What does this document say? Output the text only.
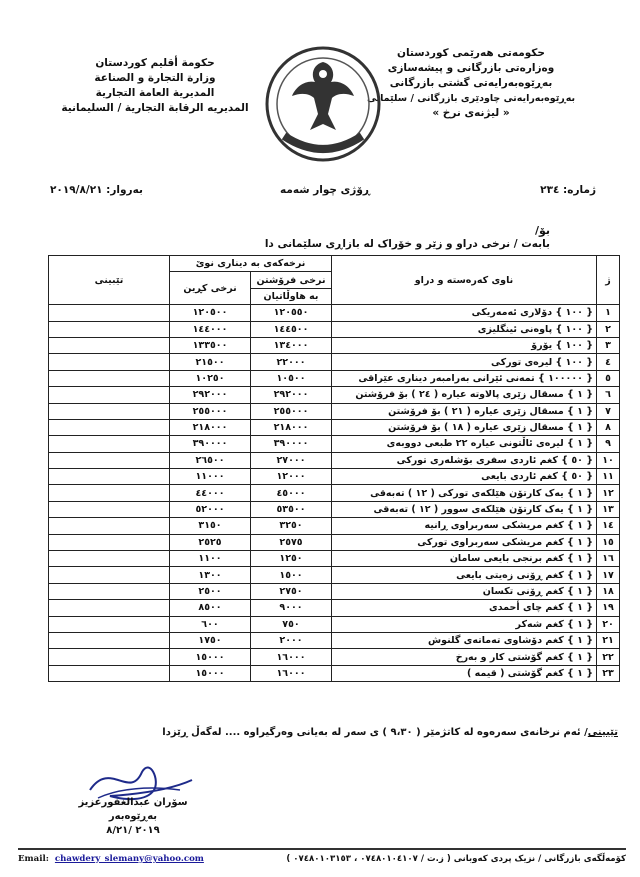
حکومەتی هەرێمی کوردستان
وەزارەتی بازرگانی و پیشەسازی
بەڕێوەبەرایەتی گشتی بازرگانی
بەڕێوەبەرایەتی چاودێری بازرگانی / سلێمانی
« لیژنەی نرخ »
حكومة أقليم كوردستان
وزارة التجارة و الصناعة
المديرية العامة التجارية
المديريه الرقابة التجارية / السليمانية
ژمارە: ٢٣٤
ڕۆژی چوار شەمە
بەروار: ٢٠١٩/٨/٢١
بۆ/
بابەت / نرخی دراو و زێر و خۆراک لە بازاڕی سلێمانی دا
ژ	ناوی کەرەستە و دراو	نرخەکەی بە دیناری نوێ		تێبینی
		نرخی فرۆشتن	نرخی کڕین	
		بە هاوڵاتیان		
١	{ ١٠٠ } دۆلاری ئەمەریکی	١٢٠٥٥٠	١٢٠٥٠٠	
٢	{ ١٠٠ } پاوەنی ئینگلیزی	١٤٤٥٠٠	١٤٤٠٠٠	
٣	{ ١٠٠ } یۆرۆ	١٣٤٠٠٠	١٣٣٥٠٠	
٤	{ ١٠٠ } لیرەی تورکی	٢٢٠٠٠	٢١٥٠٠	
٥	{ ١٠٠٠٠٠ } تمەنی ئێرانی بەرامبەر دیناری عێراقی	١٠٥٠٠	١٠٢٥٠	
٦	{ ١ } مسقال زێری پالاوتە عیارە ( ٢٤ ) بۆ فرۆشتن	٢٩٢٠٠٠	٢٩٢٠٠٠	
٧	{ ١ } مسقال زێری عیارە ( ٢١ ) بۆ فرۆشتن	٢٥٥٠٠٠	٢٥٥٠٠٠	
٨	{ ١ } مسقال زێری عیارە ( ١٨ ) بۆ فرۆشتن	٢١٨٠٠٠	٢١٨٠٠٠	
٩	{ ١ } لیرەی ئاڵتونی عیارە ٢٢ طبعی دووبەی	٣٩٠٠٠٠	٣٩٠٠٠٠	
١٠	{ ٥٠ } کغم ئاردی سفری بۆشلەری تورکی	٢٧٠٠٠	٢٦٥٠٠	
١١	{ ٥٠ } کغم ئاردی بایعی	١٢٠٠٠	١١٠٠٠	
١٢	{ ١ } یەک کارتۆن هێلکەی تورکی ( ١٢ ) تەبەقی	٤٥٠٠٠	٤٤٠٠٠	
١٣	{ ١ } یەک کارتۆن هێلکەی سوور ( ١٢ ) تەبەقی	٥٣٥٠٠	٥٢٠٠٠	
١٤	{ ١ } کغم مریشکی سەربراوی ڕانیە	٣٢٥٠	٣١٥٠	
١٥	{ ١ } کغم مریشکی سەربراوی تورکی	٢٥٧٥	٢٥٢٥	
١٦	{ ١ } کغم برنجی بایعی سامان	١٢٥٠	١١٠٠	
١٧	{ ١ } کغم ڕۆنی زەیتی بایعی	١٥٠٠	١٣٠٠	
١٨	{ ١ } کغم ڕۆنی تکسان	٢٧٥٠	٢٥٠٠	
١٩	{ ١ } کغم چای أحمدی	٩٠٠٠	٨٥٠٠	
٢٠	{ ١ } کغم شەکر	٧٥٠	٦٠٠	
٢١	{ ١ } کغم دۆشاوی تەماتەی گلنوش	٢٠٠٠	١٧٥٠	
٢٢	{ ١ } کغم گۆشتی کار و بەرخ	١٦٠٠٠	١٥٠٠٠	
٢٣	{ ١ } کغم گۆشتی ( قیمە )	١٦٠٠٠	١٥٠٠٠	
تێبینی/ ئەم نرخانەی سەرەوە لە کاتژمێر ( ٩،٣٠ ) ی سەر لە بەیانی وەرگیراوە .... لەگەڵ ڕێزدا
سۆران عبدالغفورعزیز
بەڕێوەبەر
٢٠١٩ /٨/٢١
کۆمەڵگەی بازرگانی / نزیک پردی کەوبانی ( ز.ت / ٠٧٤٨٠١٠٤١٠٧ ، ٠٧٤٨٠١٠٣١٥٣ )
Email: chawdery_slemany@yahoo.com
